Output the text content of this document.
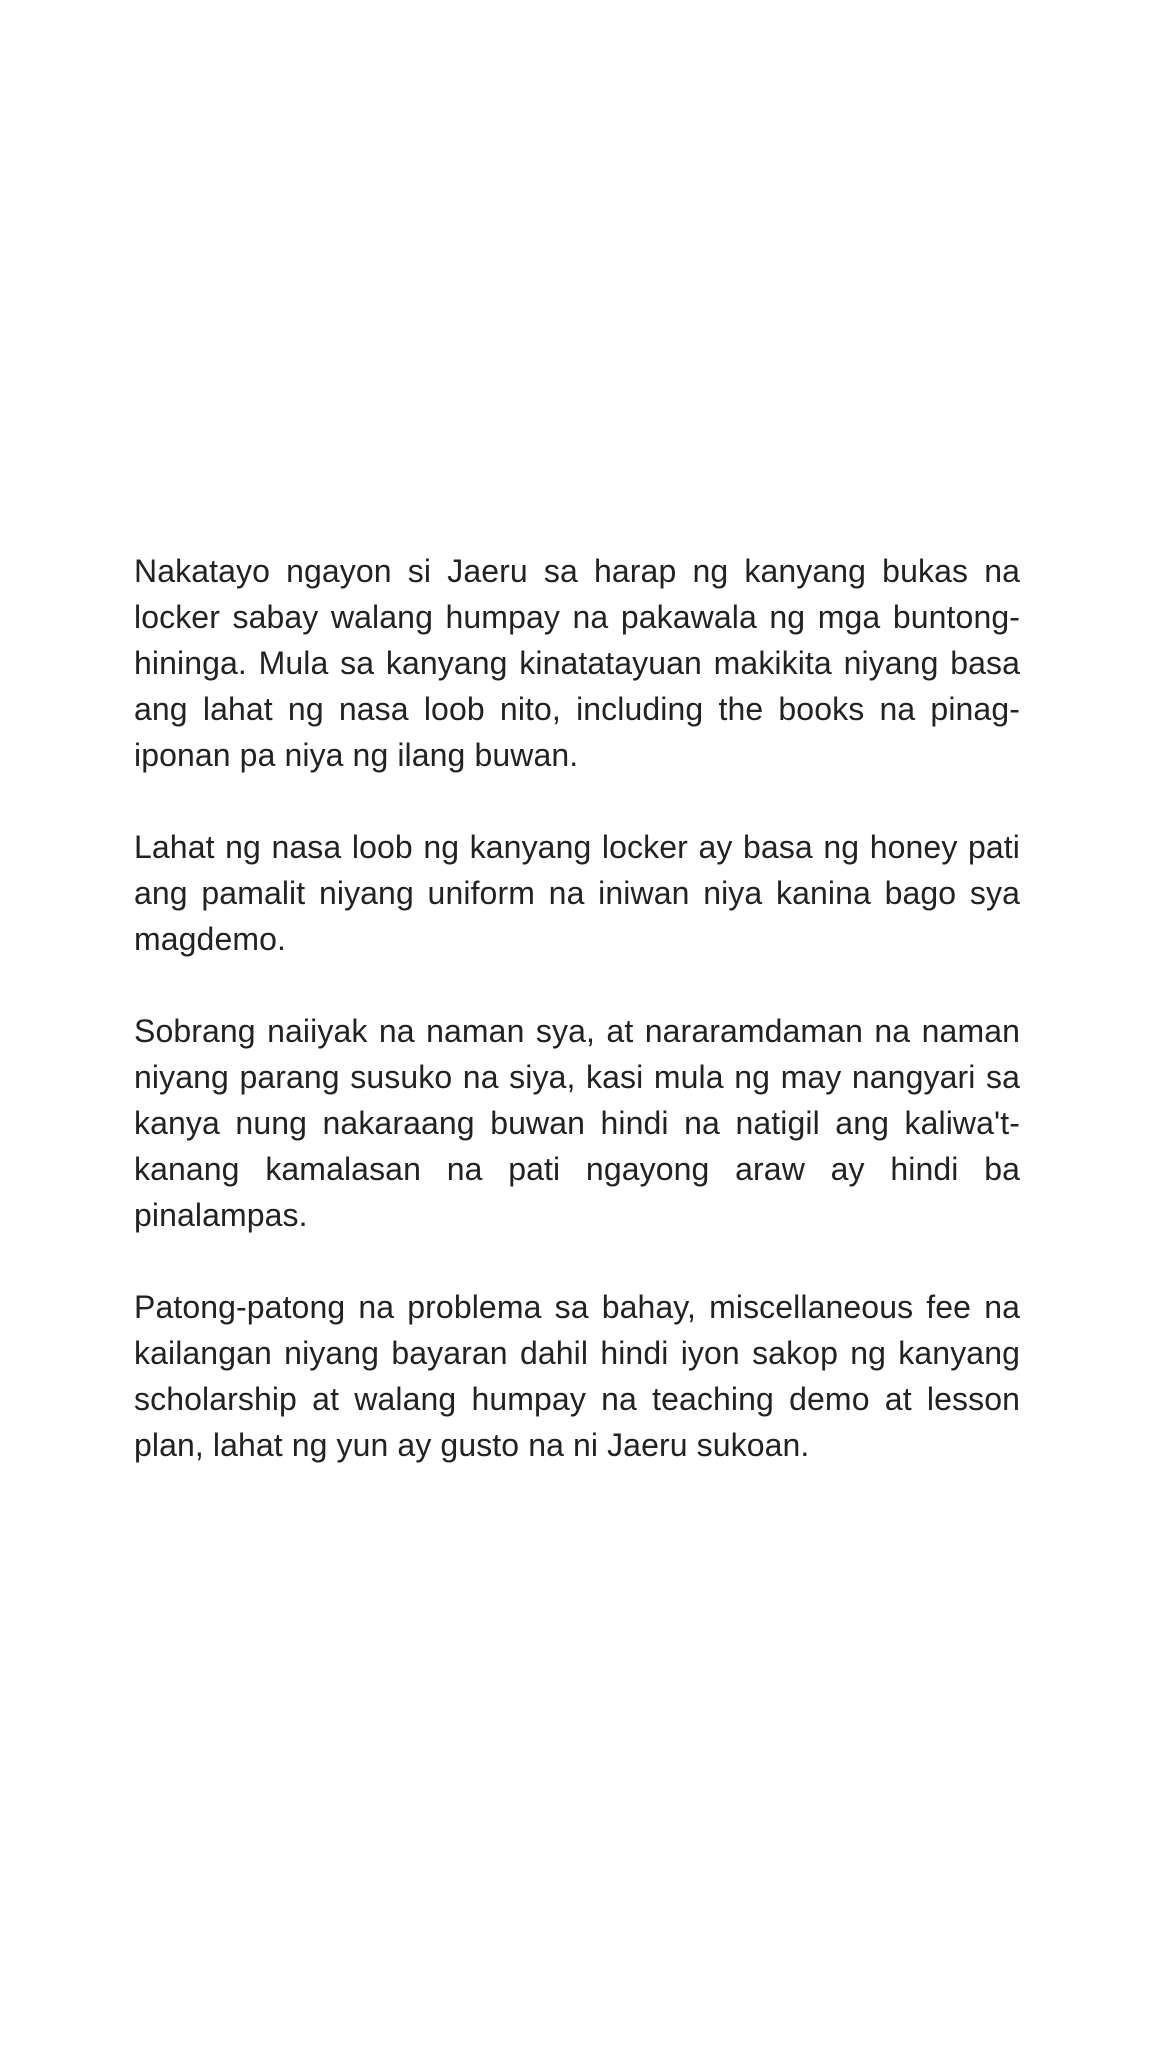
Nakatayo ngayon si Jaeru sa harap ng kanyang bukas na locker sabay walang humpay na pakawala ng mga buntong-hininga. Mula sa kanyang kinatatayuan makikita niyang basa ang lahat ng nasa loob nito, including the books na pinag-iponan pa niya ng ilang buwan.

Lahat ng nasa loob ng kanyang locker ay basa ng honey pati ang pamalit niyang uniform na iniwan niya kanina bago sya magdemo.

Sobrang naiiyak na naman sya, at nararamdaman na naman niyang parang susuko na siya, kasi mula ng may nangyari sa kanya nung nakaraang buwan hindi na natigil ang kaliwa't-kanang kamalasan na pati ngayong araw ay hindi ba pinalampas.

Patong-patong na problema sa bahay, miscellaneous fee na kailangan niyang bayaran dahil hindi iyon sakop ng kanyang scholarship at walang humpay na teaching demo at lesson plan, lahat ng yun ay gusto na ni Jaeru sukoan.
